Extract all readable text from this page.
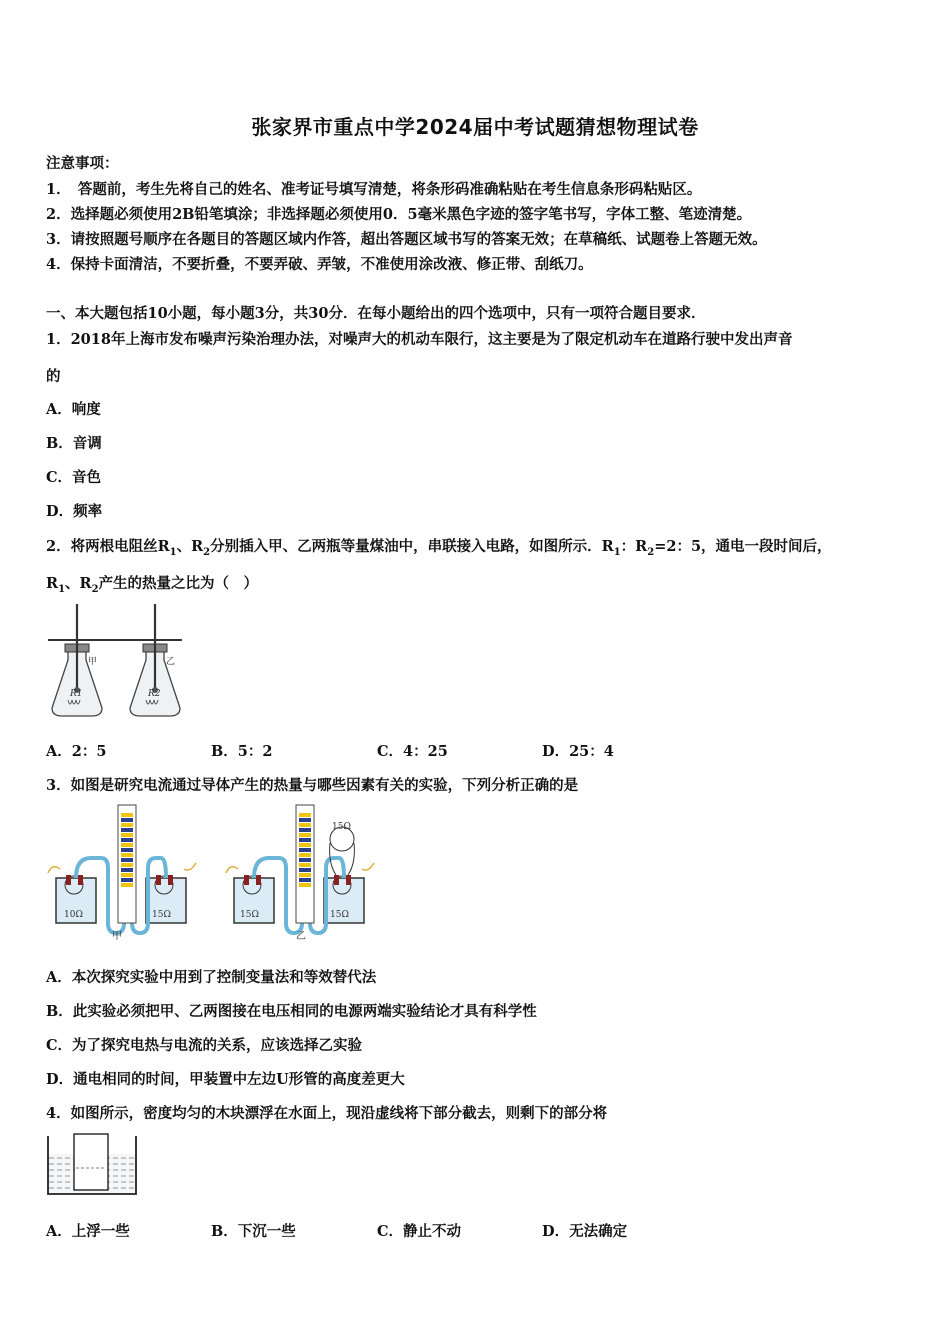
张家界市重点中学2024届中考试题猜想物理试卷
注意事项：
1．　答题前，考生先将自己的姓名、准考证号填写清楚，将条形码准确粘贴在考生信息条形码粘贴区。
2．选择题必须使用2B铅笔填涂；非选择题必须使用0．5毫米黑色字迹的签字笔书写，字体工整、笔迹清楚。
3．请按照题号顺序在各题目的答题区域内作答，超出答题区域书写的答案无效；在草稿纸、试题卷上答题无效。
4．保持卡面清洁，不要折叠，不要弄破、弄皱，不准使用涂改液、修正带、刮纸刀。
一、本大题包括10小题，每小题3分，共30分．在每小题给出的四个选项中，只有一项符合题目要求．
1．2018年上海市发布噪声污染治理办法，对噪声大的机动车限行，这主要是为了限定机动车在道路行驶中发出声音
的
A．响度
B．音调
C．音色
D．频率
2．将两根电阻丝$R_1$、$R_2$分别插入甲、乙两瓶等量煤油中，串联接入电路，如图所示．$R_1$：$R_2=2$：5，通电一段时间后，
$R_1$、$R_2$产生的热量之比为（　）
甲
R1
乙
R2
A．2：5	B．5：2	C．4：25	D．25：4
3．如图是研究电流通过导体产生的热量与哪些因素有关的实验，下列分析正确的是
10Ω	15Ω
甲
15Ω	15Ω
15Ω
乙
A．本次探究实验中用到了控制变量法和等效替代法
B．此实验必须把甲、乙两图接在电压相同的电源两端实验结论才具有科学性
C．为了探究电热与电流的关系，应该选择乙实验
D．通电相同的时间，甲装置中左边U形管的高度差更大
4．如图所示，密度均匀的木块漂浮在水面上，现沿虚线将下部分截去，则剩下的部分将
A．上浮一些	B．下沉一些	C．静止不动	D．无法确定
